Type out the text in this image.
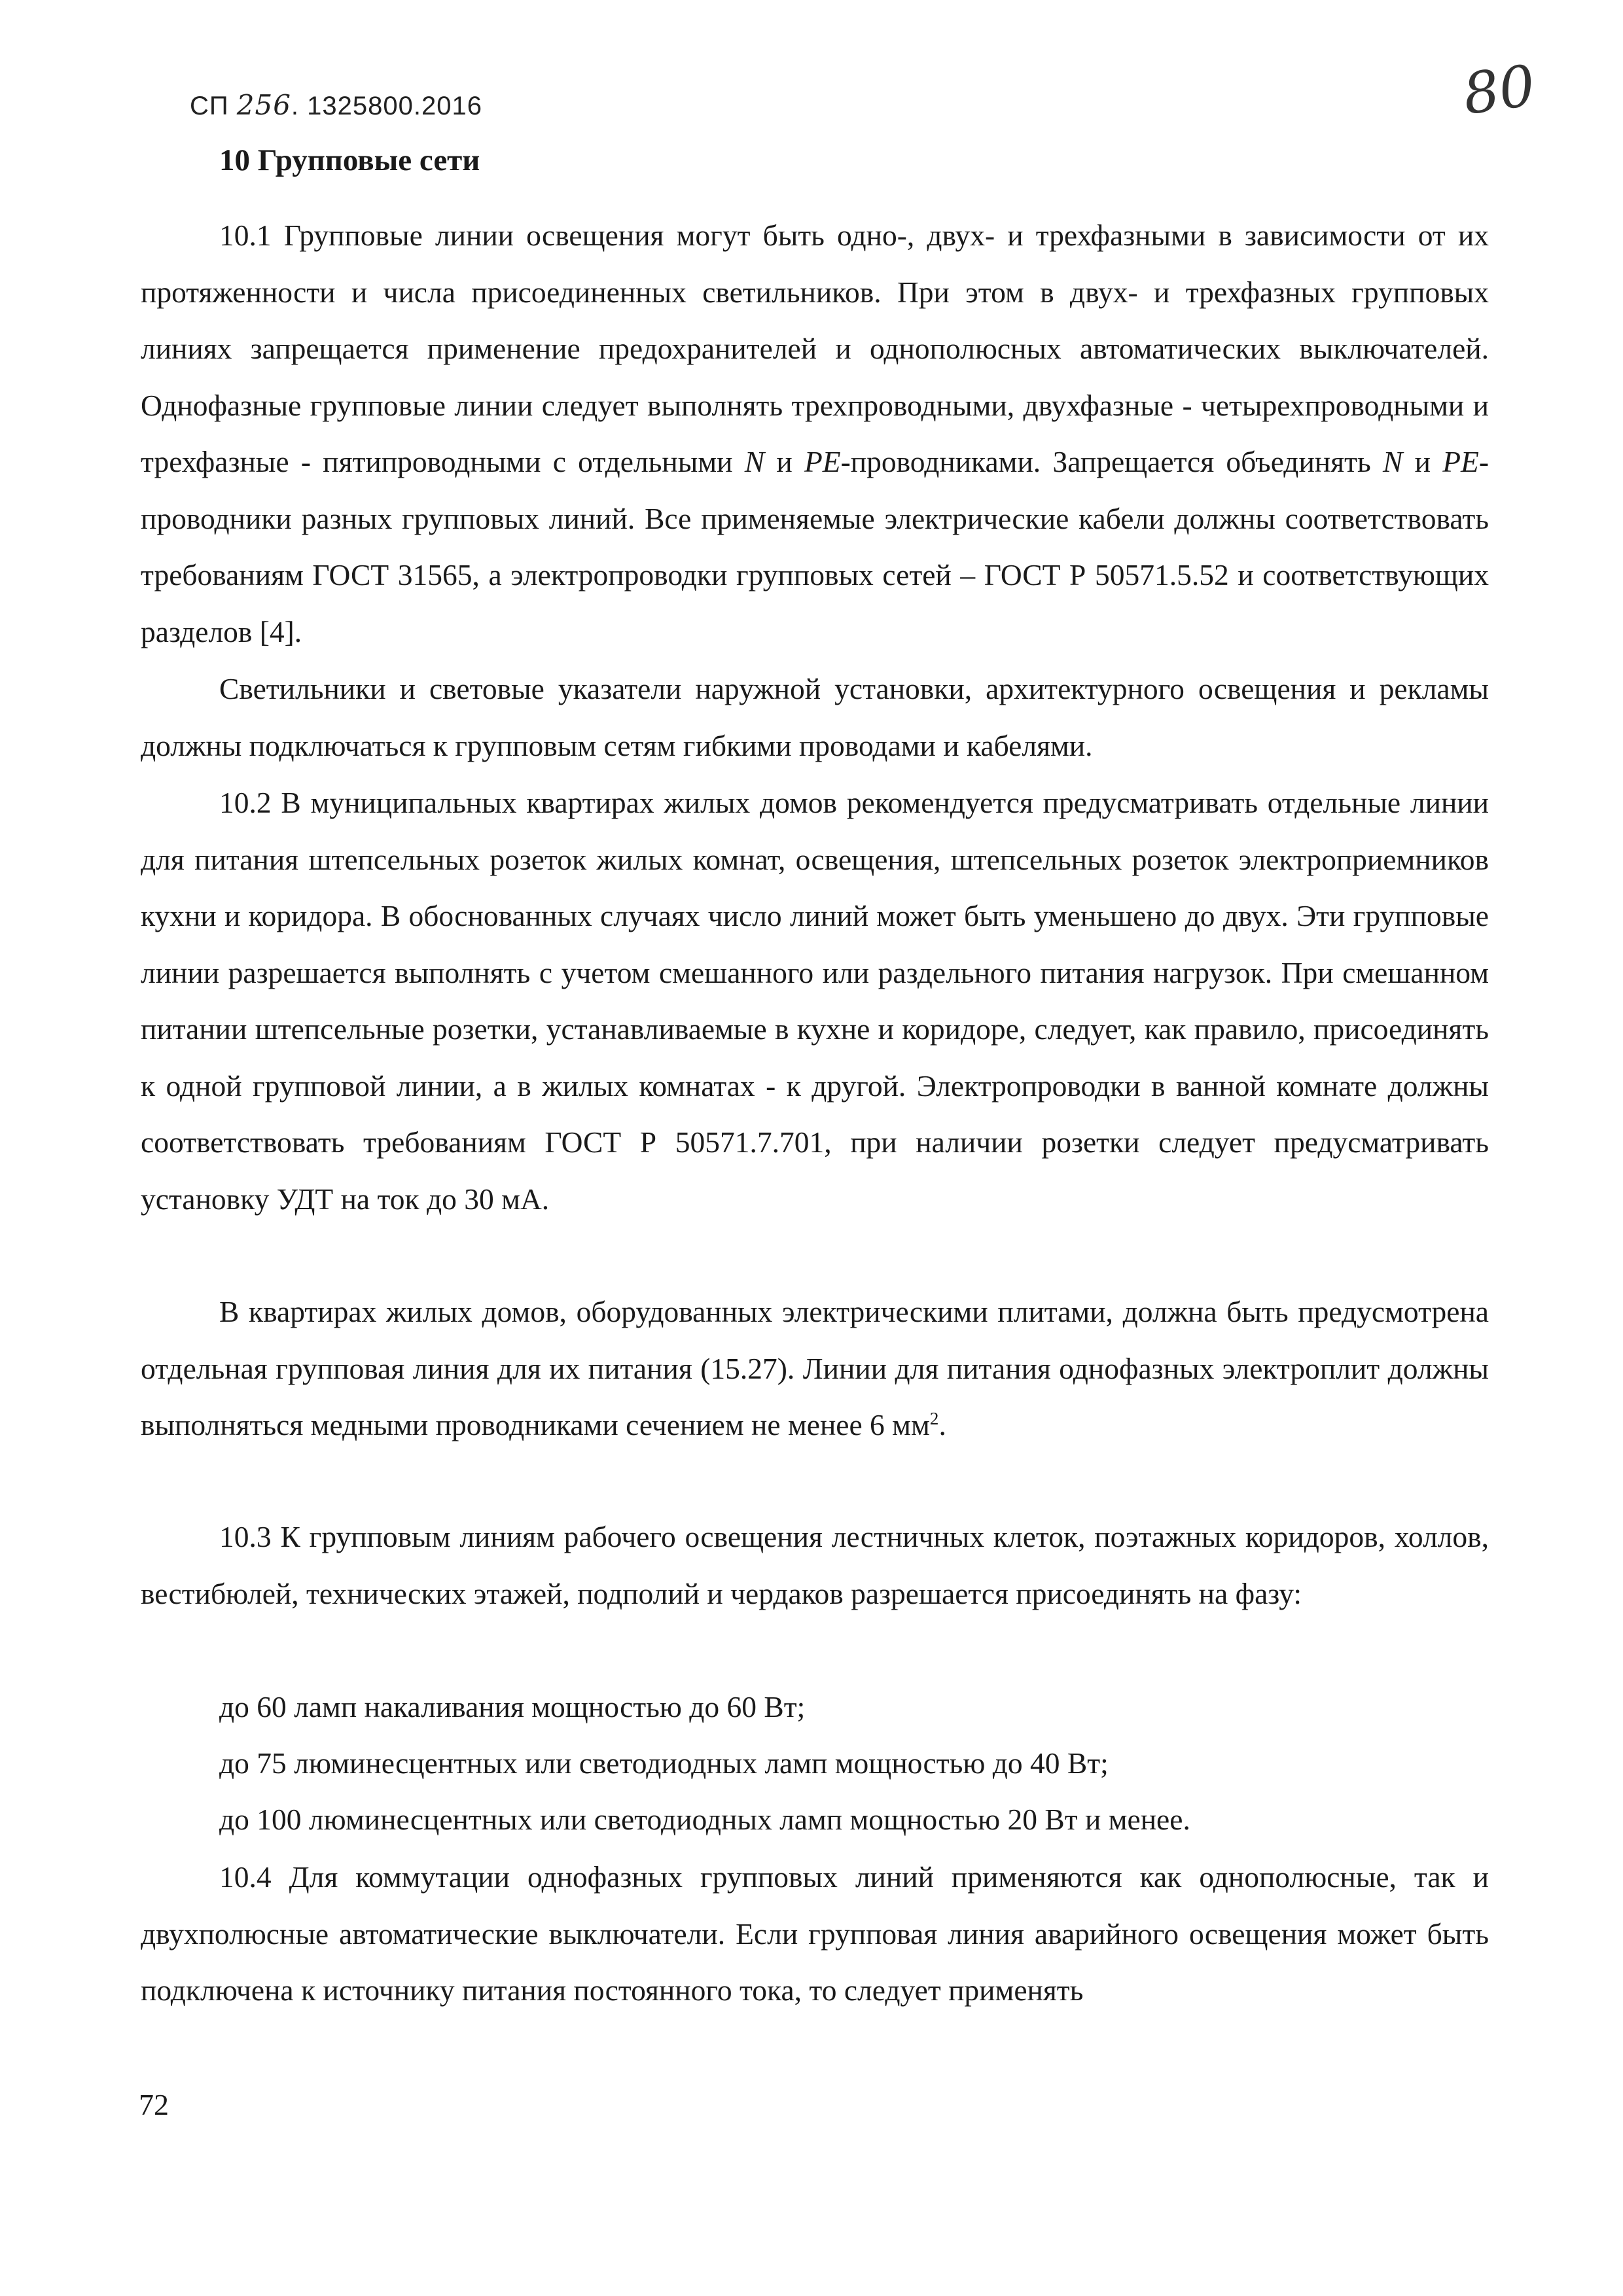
СП 256. 1325800.2016	80
10 Групповые сети

10.1 Групповые линии освещения могут быть одно-, двух- и трехфазными в зависимости от их протяженности и числа присоединенных светильников. При этом в двух- и трехфазных групповых линиях запрещается применение предохранителей и однополюсных автоматических выключателей. Однофазные групповые линии следует выполнять трехпроводными, двухфазные - четырехпроводными и трехфазные - пятипроводными с отдельными N и PE-проводниками. Запрещается объединять N и PE-проводники разных групповых линий. Все применяемые электрические кабели должны соответствовать требованиям ГОСТ 31565, а электропроводки групповых сетей – ГОСТ Р 50571.5.52 и соответствующих разделов [4].

Светильники и световые указатели наружной установки, архитектурного освещения и рекламы должны подключаться к групповым сетям гибкими проводами и кабелями.

10.2 В муниципальных квартирах жилых домов рекомендуется предусматривать отдельные линии для питания штепсельных розеток жилых комнат, освещения, штепсельных розеток электроприемников кухни и коридора. В обоснованных случаях число линий может быть уменьшено до двух. Эти групповые линии разрешается выполнять с учетом смешанного или раздельного питания нагрузок. При смешанном питании штепсельные розетки, устанавливаемые в кухне и коридоре, следует, как правило, присоединять к одной групповой линии, а в жилых комнатах - к другой. Электропроводки в ванной комнате должны соответствовать требованиям ГОСТ Р 50571.7.701, при наличии розетки следует предусматривать установку УДТ на ток до 30 мА.

В квартирах жилых домов, оборудованных электрическими плитами, должна быть предусмотрена отдельная групповая линия для их питания (15.27). Линии для питания однофазных электроплит должны выполняться медными проводниками сечением не менее 6 $мм^2$.

10.3 К групповым линиям рабочего освещения лестничных клеток, поэтажных коридоров, холлов, вестибюлей, технических этажей, подполий и чердаков разрешается присоединять на фазу:

до 60 ламп накаливания мощностью до 60 Вт;

до 75 люминесцентных или светодиодных ламп мощностью до 40 Вт;

до 100 люминесцентных или светодиодных ламп мощностью 20 Вт и менее.

10.4 Для коммутации однофазных групповых линий применяются как однополюсные, так и двухполюсные автоматические выключатели. Если групповая линия аварийного освещения может быть подключена к источнику питания постоянного тока, то следует применять

72
